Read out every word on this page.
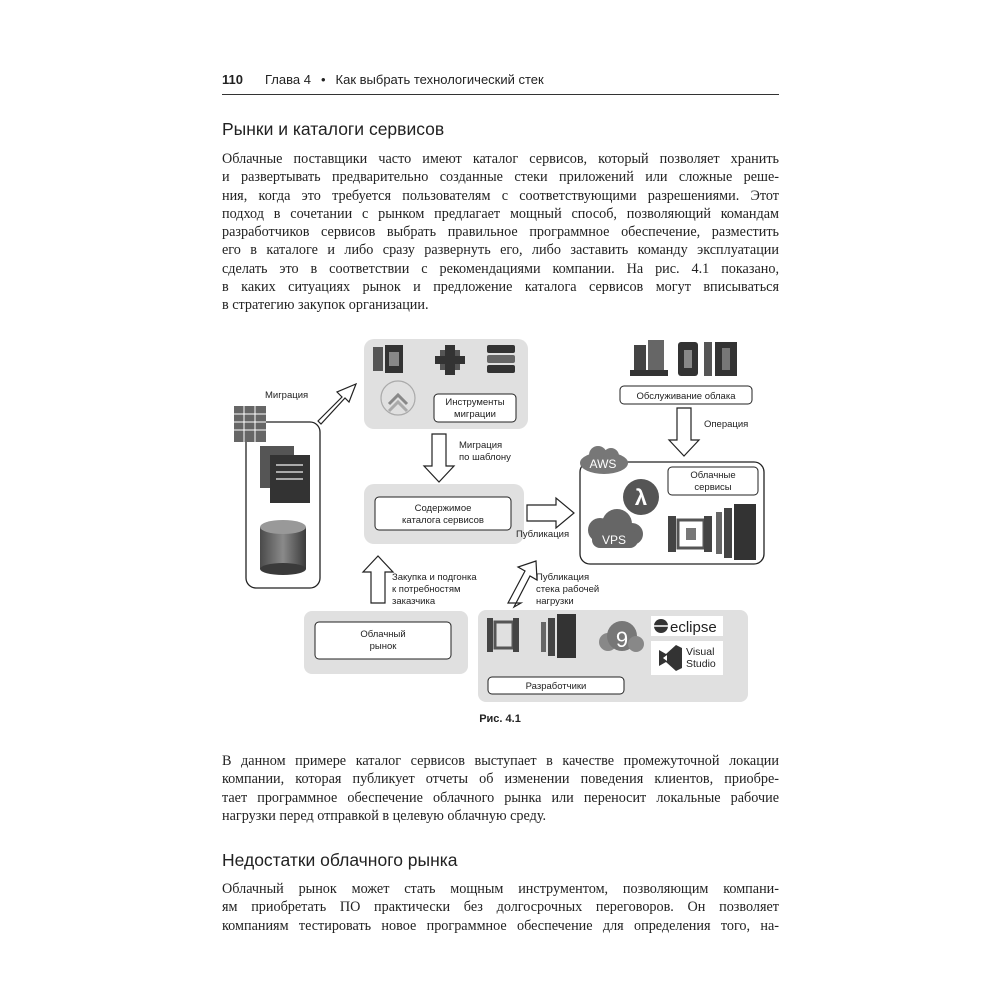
110 Глава 4 • Как выбрать технологический стек
Рынки и каталоги сервисов
Облачные поставщики часто имеют каталог сервисов, который позволяет хранить
и развертывать предварительно созданные стеки приложений или сложные реше-
ния, когда это требуется пользователям с соответствующими разрешениями. Этот
подход в сочетании с рынком предлагает мощный способ, позволяющий командам
разработчиков сервисов выбрать правильное программное обеспечение, разместить
его в каталоге и либо сразу развернуть его, либо заставить команду эксплуатации
сделать это в соответствии с рекомендациями компании. На рис. 4.1 показано,
в каких ситуациях рынок и предложение каталога сервисов могут вписываться
в стратегию закупок организации.
Миграция
Инструменты
миграции
Миграция
по шаблону
Содержимое
каталога сервисов
Публикация
Обслуживание облака
Операция
AWS
Облачные
сервисы
λ
VPS
Закупка и подгонка
к потребностям
заказчика
Публикация
стека рабочей
нагрузки
Облачный
рынок	9	eclipse
Visual
Studio
Разработчики
Рис. 4.1
В данном примере каталог сервисов выступает в качестве промежуточной локации
компании, которая публикует отчеты об изменении поведения клиентов, приобре-
тает программное обеспечение облачного рынка или переносит локальные рабочие
нагрузки перед отправкой в целевую облачную среду.
Недостатки облачного рынка
Облачный рынок может стать мощным инструментом, позволяющим компани-
ям приобретать ПО практически без долгосрочных переговоров. Он позволяет
компаниям тестировать новое программное обеспечение для определения того, на-
